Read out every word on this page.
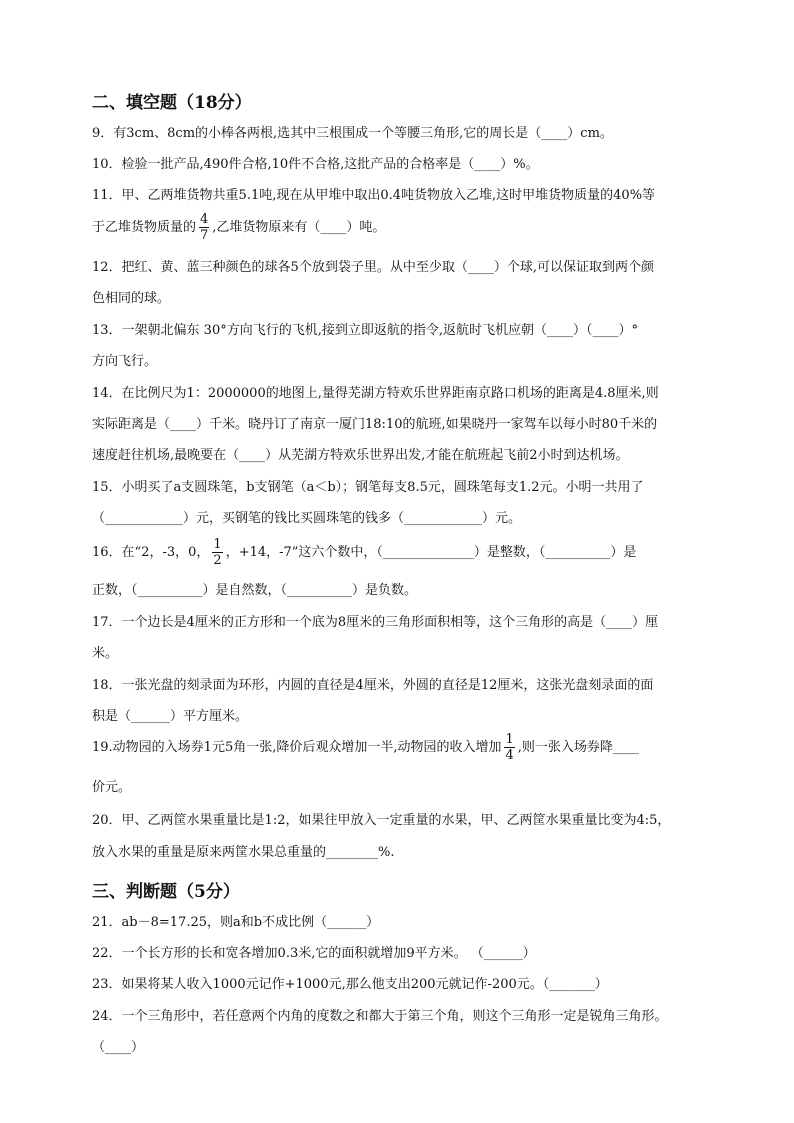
二、填空题（18分）
9．有3cm、8cm的小棒各两根,选其中三根围成一个等腰三角形,它的周长是（____）cm。
10．检验一批产品,490件合格,10件不合格,这批产品的合格率是（____）%。
11．甲、乙两堆货物共重5.1吨,现在从甲堆中取出0.4吨货物放入乙堆,这时甲堆货物质量的40%等
于乙堆货物质量的 $\frac{4}{7}$ ,乙堆货物原来有（____）吨。
12．把红、黄、蓝三种颜色的球各5个放到袋子里。从中至少取（____）个球,可以保证取到两个颜
色相同的球。
13．一架朝北偏东 30°方向飞行的飞机,接到立即返航的指令,返航时飞机应朝（____）（____）°
方向飞行。
14．在比例尺为1：2000000的地图上,量得芜湖方特欢乐世界距南京路口机场的距离是4.8厘米,则
实际距离是（____）千米。晓丹订了南京一厦门18:10的航班,如果晓丹一家驾车以每小时80千米的
速度赶往机场,最晚要在（____）从芜湖方特欢乐世界出发,才能在航班起飞前2小时到达机场。
15．小明买了a支圆珠笔，b支钢笔（a＜b）；钢笔每支8.5元，圆珠笔每支1.2元。小明一共用了
（____________）元，买钢笔的钱比买圆珠笔的钱多（____________）元。
16．在“2，-3，0， $\frac{1}{2}$ ，+14，-7”这六个数中，（______________）是整数，（__________）是
正数，（__________）是自然数，（__________）是负数。
17．一个边长是4厘米的正方形和一个底为8厘米的三角形面积相等，这个三角形的高是（____）厘
米。
18．一张光盘的刻录面为环形，内圆的直径是4厘米，外圆的直径是12厘米，这张光盘刻录面的面
积是（______）平方厘米。
19.动物园的入场券1元5角一张,降价后观众增加一半,动物园的收入增加 $\frac{1}{4}$ ,则一张入场券降____
价元。
20．甲、乙两筐水果重量比是1:2，如果往甲放入一定重量的水果，甲、乙两筐水果重量比变为4:5，
放入水果的重量是原来两筐水果总重量的________%.
三、判断题（5分）
21．ab－8=17.25，则a和b不成比例（______）
22．一个长方形的长和宽各增加0.3米,它的面积就增加9平方米。 （______）
23．如果将某人收入1000元记作+1000元,那么他支出200元就记作-200元。（_______）
24．一个三角形中，若任意两个内角的度数之和都大于第三个角，则这个三角形一定是锐角三角形。
（____）
